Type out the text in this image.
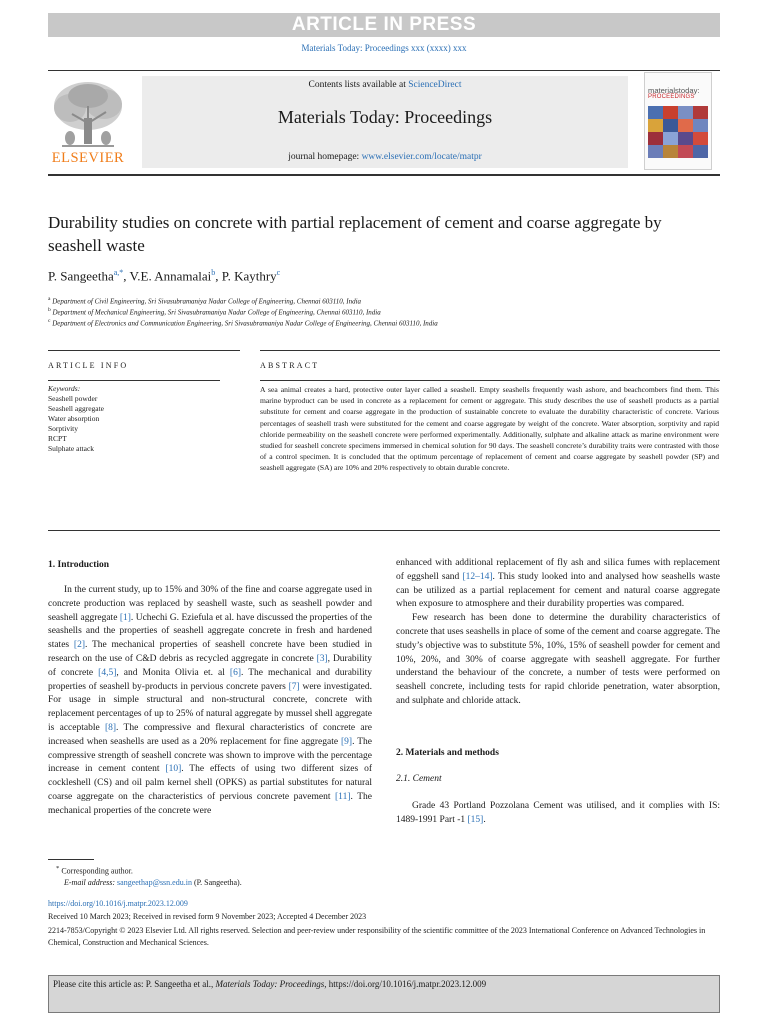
ARTICLE IN PRESS
Materials Today: Proceedings xxx (xxxx) xxx
Contents lists available at ScienceDirect
Materials Today: Proceedings
journal homepage: www.elsevier.com/locate/matpr
ELSEVIER
materialstoday:
PROCEEDINGS
Durability studies on concrete with partial replacement of cement and coarse aggregate by seashell waste
P. Sangeetha$^{a,*}$, V.E. Annamalai$^b$, P. Kaythry$^c$
$^a$ Department of Civil Engineering, Sri Sivasubramaniya Nadar College of Engineering, Chennai 603110, India
$^b$ Department of Mechanical Engineering, Sri Sivasubramaniya Nadar College of Engineering, Chennai 603110, India
$^c$ Department of Electronics and Communication Engineering, Sri Sivasubramaniya Nadar College of Engineering, Chennai 603110, India
ARTICLE INFO
Keywords:
Seashell powder
Seashell aggregate
Water absorption
Sorptivity
RCPT
Sulphate attack
ABSTRACT
A sea animal creates a hard, protective outer layer called a seashell. Empty seashells frequently wash ashore, and beachcombers find them. This marine byproduct can be used in concrete as a replacement for cement or aggregate. This study describes the use of seashell products as a partial substitute for cement and coarse aggregate in the production of sustainable concrete to evaluate the durability characteristic of concrete. Various percentages of seashell trash were substituted for the cement and coarse aggregate by weight of the concrete. Water absorption, sorptivity and rapid chloride permeability on the seashell concrete were performed experimentally. Additionally, sulphate and alkaline attack as marine environment were studied for seashell concrete specimens immersed in chemical solution for 90 days. The seashell concrete’s durability traits were contrasted with those of a control specimen. It is concluded that the optimum percentage of replacement of cement and coarse aggregate by seashell powder (SP) and seashell aggregate (SA) are 10% and 20% respectively to obtain durable concrete.
1. Introduction

In the current study, up to 15% and 30% of the fine and coarse aggregate used in concrete production was replaced by seashell waste, such as seashell powder and seashell aggregate [1]. Uchechi G. Eziefula et al. have discussed the properties of the seashells and the properties of seashell aggregate concrete in fresh and hardened states [2]. The mechanical properties of seashell concrete have been studied in research on the use of C&D debris as recycled aggregate in concrete [3], Durability of concrete [4,5], and Monita Olivia et. al [6]. The mechanical and durability properties of seashell by-products in pervious concrete pavers [7] were investigated. For usage in simple structural and non-structural concrete, concrete with replacement percentages of up to 25% of natural aggregate by mussel shell aggregate is acceptable [8]. The compressive and flexural characteristics of concrete are increased when seashells are used as a 20% replacement for fine aggregate [9]. The compressive strength of seashell concrete was shown to improve with the percentage increase in cement content [10]. The effects of using two different sizes of cockleshell (CS) and oil palm kernel shell (OPKS) as partial substitutes for natural coarse aggregate on the characteristics of pervious concrete pavement [11]. The mechanical properties of the concrete were

enhanced with additional replacement of fly ash and silica fumes with replacement of eggshell sand [12–14]. This study looked into and analysed how seashells waste can be utilized as a partial replacement for cement and natural coarse aggregate when exposure to atmosphere and their durability properties was compared.

Few research has been done to determine the durability characteristics of concrete that uses seashells in place of some of the cement and coarse aggregate. The study’s objective was to substitute 5%, 10%, 15% of seashell powder for cement and 10%, 20%, and 30% of coarse aggregate with seashell aggregate. For further understand the behaviour of the concrete, a number of tests were performed on seashell concrete, including tests for rapid chloride penetration, water absorption, and sulphate and chloride attack.

2. Materials and methods
2.1. Cement

Grade 43 Portland Pozzolana Cement was utilised, and it complies with IS: 1489-1991 Part -1 [15].

* Corresponding author.
E-mail address: sangeethap@ssn.edu.in (P. Sangeetha).
https://doi.org/10.1016/j.matpr.2023.12.009
Received 10 March 2023; Received in revised form 9 November 2023; Accepted 4 December 2023
2214-7853/Copyright © 2023 Elsevier Ltd. All rights reserved. Selection and peer-review under responsibility of the scientific committee of the 2023 International Conference on Advanced Technologies in Chemical, Construction and Mechanical Sciences.
Please cite this article as: P. Sangeetha et al., Materials Today: Proceedings, https://doi.org/10.1016/j.matpr.2023.12.009
